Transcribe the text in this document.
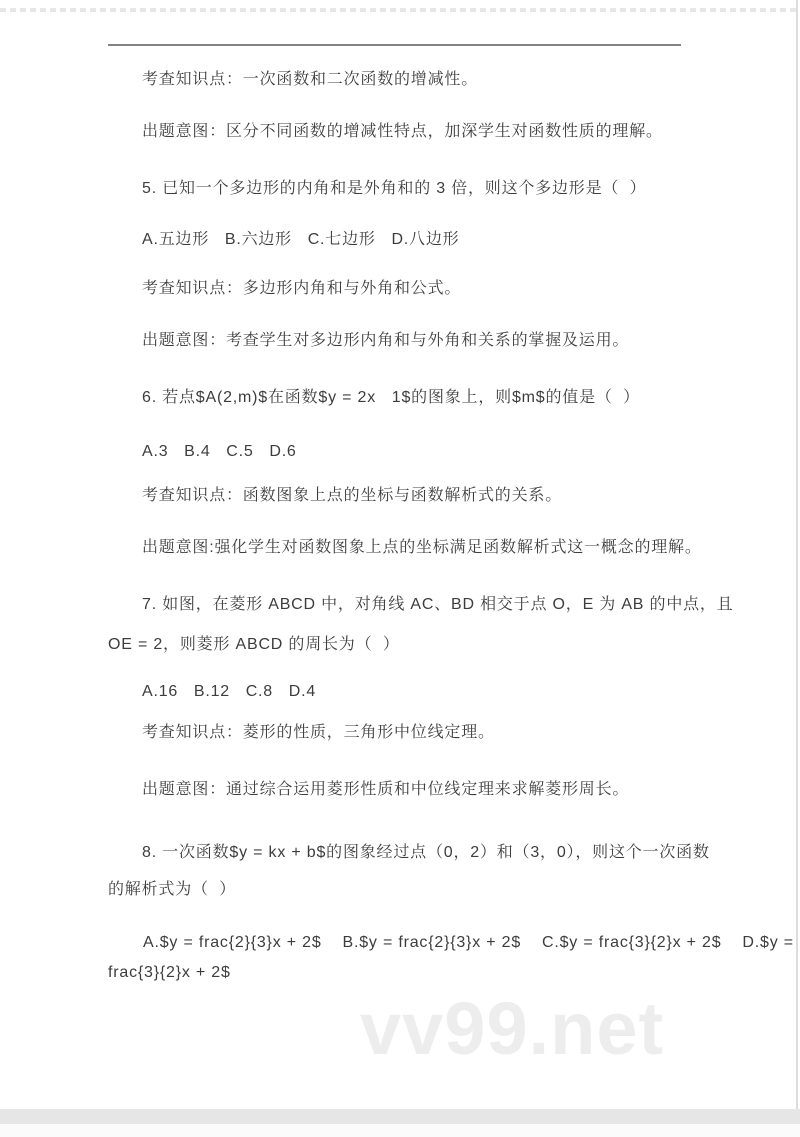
考查知识点：一次函数和二次函数的增减性。
出题意图：区分不同函数的增减性特点，加深学生对函数性质的理解。
5. 已知一个多边形的内角和是外角和的 3 倍，则这个多边形是（  ）
A.五边形   B.六边形   C.七边形   D.八边形
考查知识点：多边形内角和与外角和公式。
出题意图：考查学生对多边形内角和与外角和关系的掌握及运用。
6. 若点$A(2,m)$在函数$y = 2x   1$的图象上，则$m$的值是（  ）
A.3   B.4   C.5   D.6
考查知识点：函数图象上点的坐标与函数解析式的关系。
出题意图:强化学生对函数图象上点的坐标满足函数解析式这一概念的理解。
7. 如图，在菱形 ABCD 中，对角线 AC、BD 相交于点 O，E 为 AB 的中点，且
OE = 2，则菱形 ABCD 的周长为（  ）
A.16   B.12   C.8   D.4
考查知识点：菱形的性质，三角形中位线定理。
出题意图：通过综合运用菱形性质和中位线定理来求解菱形周长。
8. 一次函数$y = kx + b$的图象经过点（0，2）和（3，0），则这个一次函数
的解析式为（  ）
A.$y = frac{2}{3}x + 2$    B.$y = frac{2}{3}x + 2$    C.$y = frac{3}{2}x + 2$    D.$y =
frac{3}{2}x + 2$
vv99.net
